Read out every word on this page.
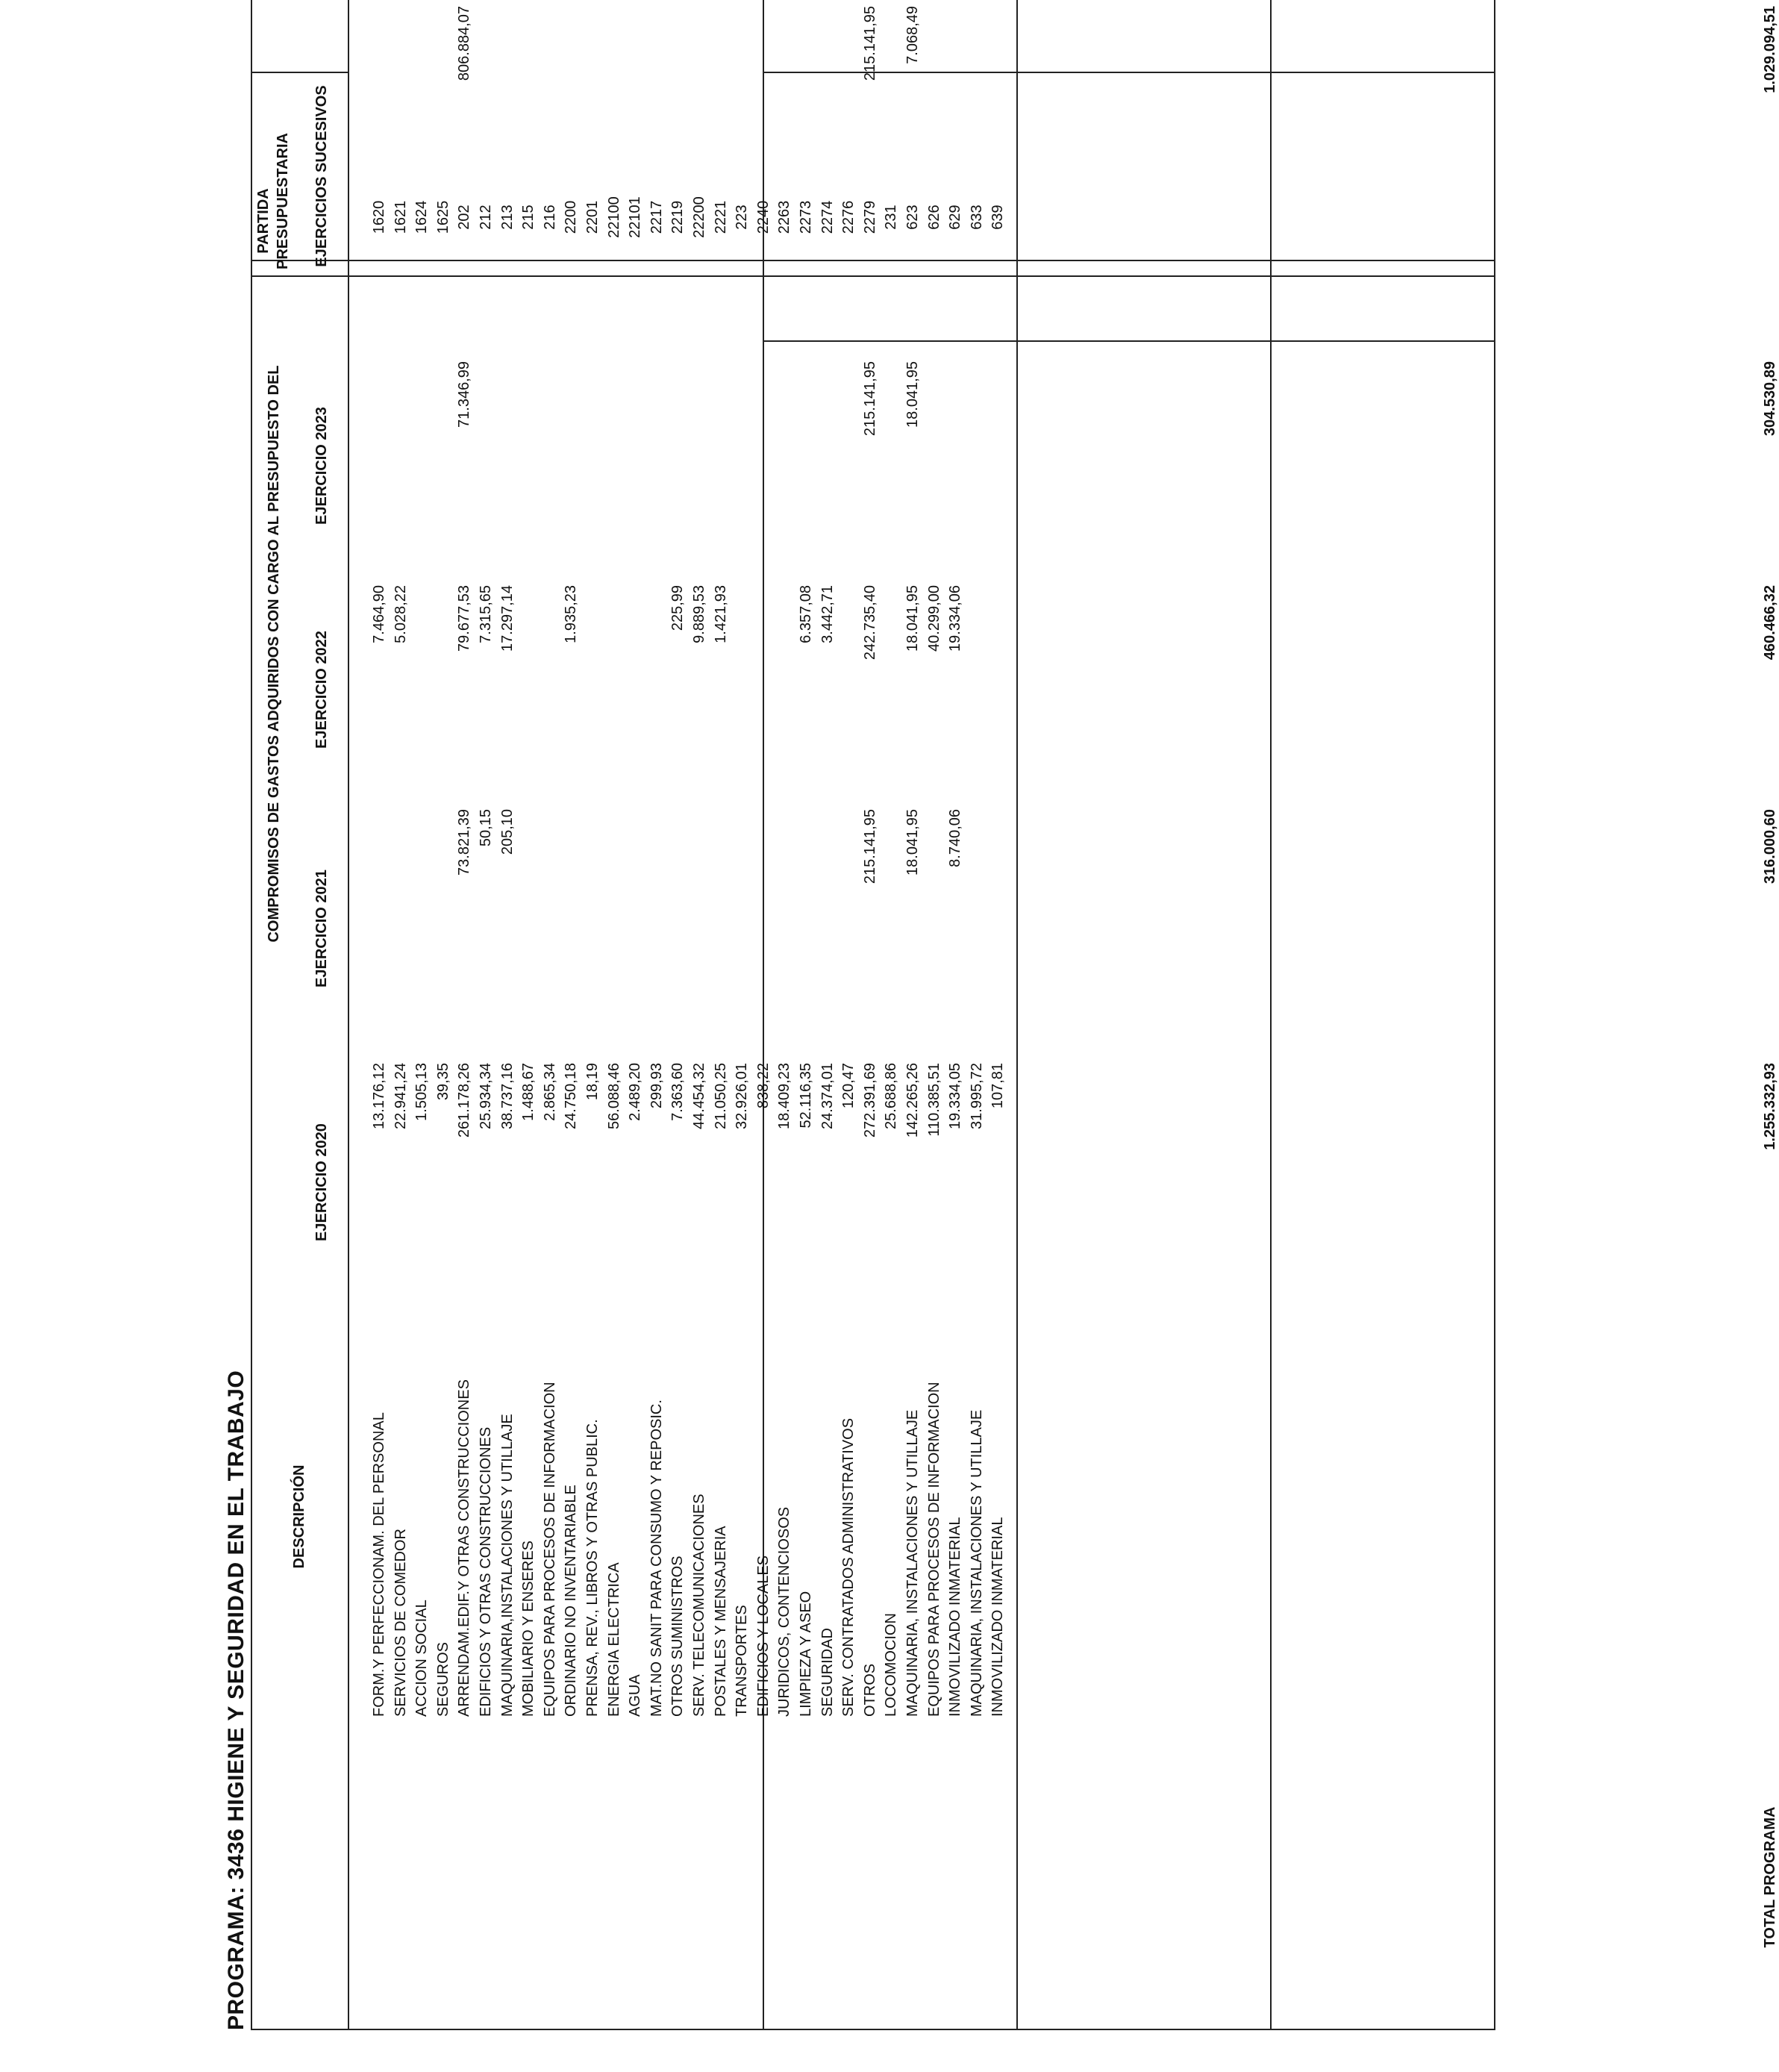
PROGRAMA: 3436 HIGIENE Y SEGURIDAD EN EL TRABAJO
PARTIDA PRESUPUESTARIA
DESCRIPCIÓN
COMPROMISOS DE GASTOS ADQUIRIDOS CON CARGO AL PRESUPUESTO DEL
EJERCICIO 2020
EJERCICIO 2021
EJERCICIO 2022
EJERCICIO 2023
EJERCICIOS SUCESIVOS	1620
FORM.Y PERFECCIONAM. DEL PERSONAL
13.176,12
7.464,90
1621
SERVICIOS DE COMEDOR
22.941,24
5.028,22
1624
ACCION SOCIAL
1.505,13
1625
SEGUROS
39,35
202
ARRENDAM.EDIF.Y OTRAS CONSTRUCCIONES
261.178,26
73.821,39
79.677,53
71.346,99
806.884,07
212
EDIFICIOS Y OTRAS CONSTRUCCIONES
25.934,34
50,15
7.315,65
213
MAQUINARIA,INSTALACIONES Y UTILLAJE
38.737,16
205,10
17.297,14
215
MOBILIARIO Y ENSERES
1.488,67
216
EQUIPOS PARA PROCESOS DE INFORMACION
2.865,34
2200
ORDINARIO NO INVENTARIABLE
24.750,18
1.935,23
2201
PRENSA, REV., LIBROS Y OTRAS PUBLIC.
18,19
22100
ENERGIA ELECTRICA
56.088,46
22101
AGUA
2.489,20
2217
MAT.NO SANIT PARA CONSUMO Y REPOSIC.
299,93
2219
OTROS SUMINISTROS
7.363,60
225,99
22200
SERV. TELECOMUNICACIONES
44.454,32
9.889,53
2221
POSTALES Y MENSAJERIA
21.050,25
1.421,93
223
TRANSPORTES
32.926,01
2240
EDIFICIOS Y LOCALES
838,22
2263
JURIDICOS, CONTENCIOSOS
18.409,23
2273
LIMPIEZA Y ASEO
52.116,35
6.357,08
2274
SEGURIDAD
24.374,01
3.442,71
2276
SERV. CONTRATADOS ADMINISTRATIVOS
120,47
2279
OTROS
272.391,69
215.141,95
242.735,40
215.141,95
215.141,95
231
LOCOMOCION
25.688,86
623
MAQUINARIA, INSTALACIONES Y UTILLAJE
142.265,26
18.041,95
18.041,95
18.041,95
7.068,49
626
EQUIPOS PARA PROCESOS DE INFORMACION
110.385,51
40.299,00
629
INMOVILIZADO INMATERIAL
19.334,05
8.740,06
19.334,06
633
MAQUINARIA, INSTALACIONES Y UTILLAJE
31.995,72
639
INMOVILIZADO INMATERIAL
107,81
TOTAL PROGRAMA
1.255.332,93
316.000,60
460.466,32
304.530,89
1.029.094,51
